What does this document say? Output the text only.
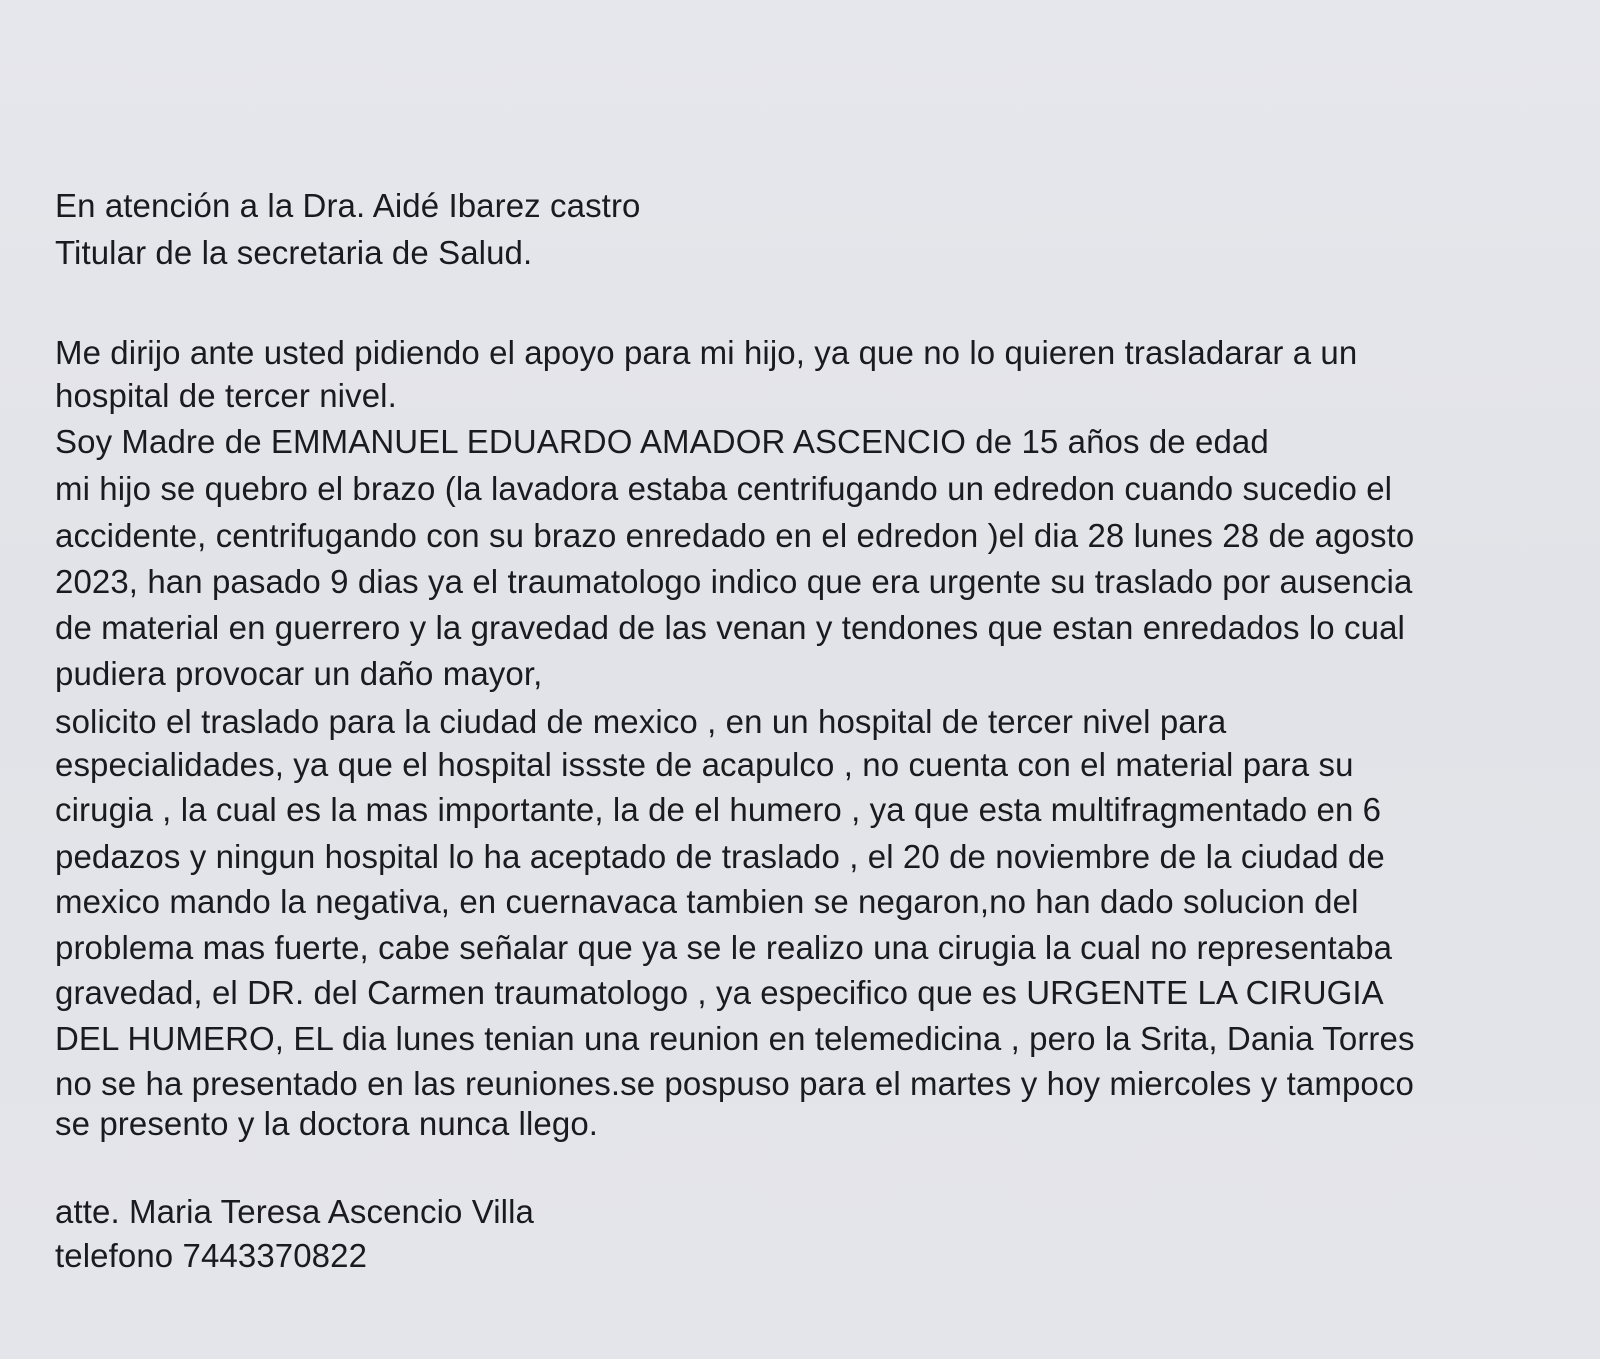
En atención a la Dra. Aidé Ibarez castro
Titular de la secretaria de Salud.
Me dirijo ante usted pidiendo el apoyo para mi hijo, ya que no lo quieren trasladarar a un
hospital de tercer nivel.
Soy Madre de EMMANUEL EDUARDO AMADOR ASCENCIO de 15 años de edad
mi hijo se quebro el brazo (la lavadora estaba centrifugando un edredon cuando sucedio el
accidente, centrifugando con su brazo enredado en el edredon )el dia 28 lunes 28 de agosto
2023, han pasado 9 dias ya el traumatologo indico que era urgente su traslado por ausencia
de material en guerrero y la gravedad de las venan y tendones que estan enredados lo cual
pudiera provocar un daño mayor,
solicito el traslado para la ciudad de mexico , en un hospital de tercer nivel para
especialidades, ya que el hospital issste de acapulco , no cuenta con el material para su
cirugia , la cual es la mas importante, la de el humero , ya que esta multifragmentado en 6
pedazos y ningun hospital lo ha aceptado de traslado , el 20 de noviembre de la ciudad de
mexico mando la negativa, en cuernavaca tambien se negaron,no han dado solucion del
problema mas fuerte, cabe señalar que ya se le realizo una cirugia la cual no representaba
gravedad, el DR. del Carmen traumatologo , ya especifico que es URGENTE LA CIRUGIA
DEL HUMERO, EL dia lunes tenian una reunion en telemedicina , pero la Srita, Dania Torres
no se ha presentado en las reuniones.se pospuso para el martes y hoy miercoles y tampoco
se presento y la doctora nunca llego.
atte. Maria Teresa Ascencio Villa
telefono 7443370822
